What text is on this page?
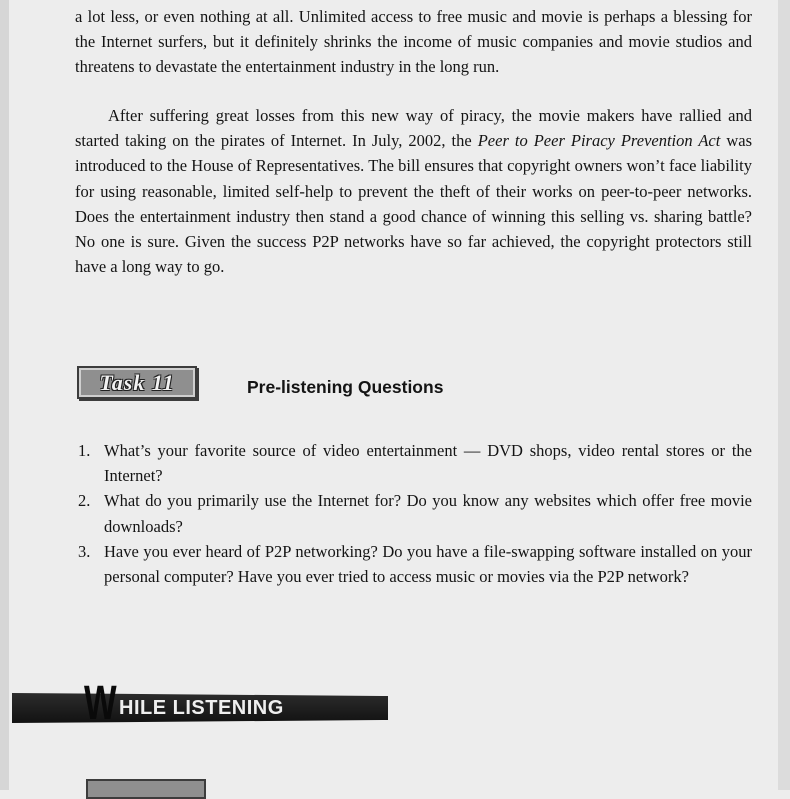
a lot less, or even nothing at all. Unlimited access to free music and movie is perhaps a blessing for the Internet surfers, but it definitely shrinks the income of music companies and movie studios and threatens to devastate the entertainment industry in the long run.

After suffering great losses from this new way of piracy, the movie makers have rallied and started taking on the pirates of Internet. In July, 2002, the Peer to Peer Piracy Prevention Act was introduced to the House of Representatives. The bill ensures that copyright owners won’t face liability for using reasonable, limited self-help to prevent the theft of their works on peer-to-peer networks. Does the entertainment industry then stand a good chance of winning this selling vs. sharing battle? No one is sure. Given the success P2P networks have so far achieved, the copyright protectors still have a long way to go.

Task 11	Pre-listening Questions
1. What’s your favorite source of video entertainment — DVD shops, video rental stores or the Internet?
2. What do you primarily use the Internet for? Do you know any websites which offer free movie downloads?
3. Have you ever heard of P2P networking? Do you have a file-swapping software installed on your personal computer? Have you ever tried to access music or movies via the P2P network?
W HILE LISTENING
